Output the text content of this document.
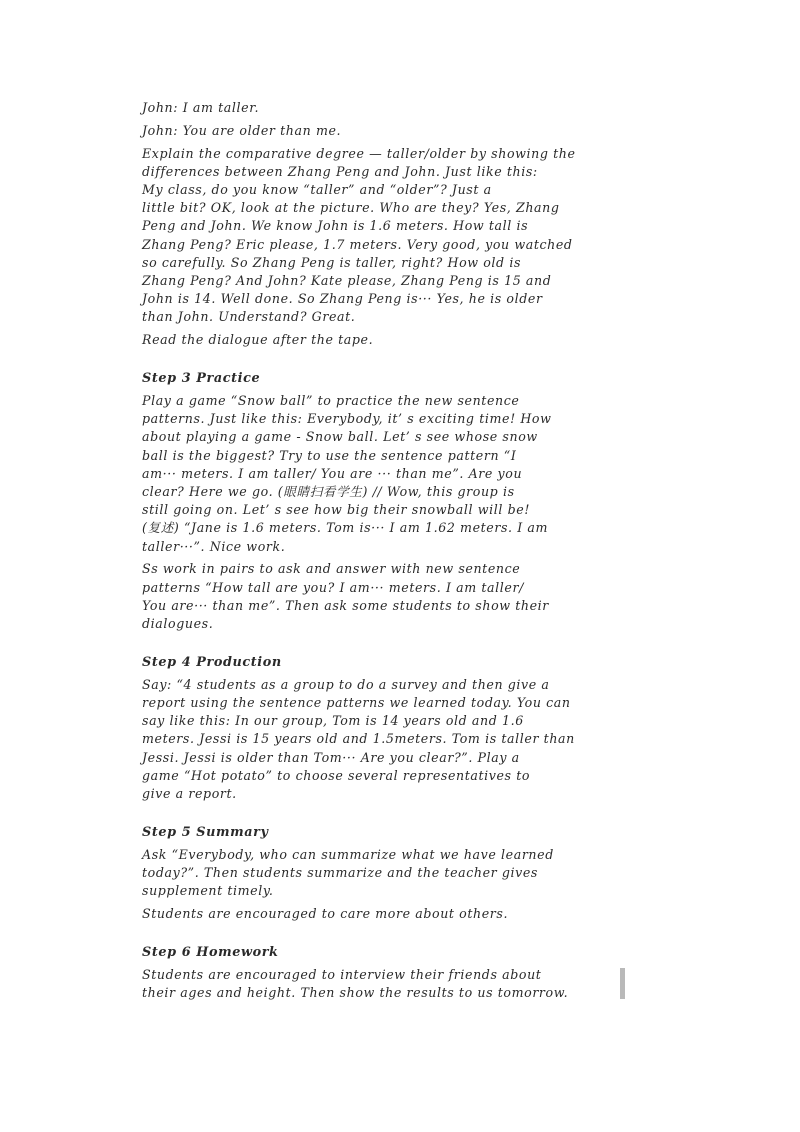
John: I am taller.

John: You are older than me.

Explain the comparative degree — taller/older by showing the
differences between Zhang Peng and John. Just like this:
My class, do you know “taller” and “older”? Just a
little bit? OK, look at the picture. Who are they? Yes, Zhang
Peng and John. We know John is 1.6 meters. How tall is
Zhang Peng? Eric please, 1.7 meters. Very good, you watched
so carefully. So Zhang Peng is taller, right? How old is
Zhang Peng? And John? Kate please, Zhang Peng is 15 and
John is 14. Well done. So Zhang Peng is··· Yes, he is older
than John. Understand? Great.

Read the dialogue after the tape.

Step 3 Practice

Play a game “Snow ball” to practice the new sentence
patterns. Just like this: Everybody, it’ s exciting time! How
about playing a game - Snow ball. Let’ s see whose snow
ball is the biggest? Try to use the sentence pattern “I
am··· meters. I am taller/ You are ··· than me”. Are you
clear? Here we go. (眼睛扫看学生) // Wow, this group is
still going on. Let’ s see how big their snowball will be!
(复述) “Jane is 1.6 meters. Tom is··· I am 1.62 meters. I am
taller···”. Nice work.

Ss work in pairs to ask and answer with new sentence
patterns “How tall are you? I am··· meters. I am taller/
You are··· than me”. Then ask some students to show their
dialogues.

Step 4 Production

Say: “4 students as a group to do a survey and then give a
report using the sentence patterns we learned today. You can
say like this: In our group, Tom is 14 years old and 1.6
meters. Jessi is 15 years old and 1.5meters. Tom is taller than
Jessi. Jessi is older than Tom··· Are you clear?”. Play a
game “Hot potato” to choose several representatives to
give a report.

Step 5 Summary

Ask “Everybody, who can summarize what we have learned
today?”. Then students summarize and the teacher gives
supplement timely.

Students are encouraged to care more about others.

Step 6 Homework

Students are encouraged to interview their friends about
their ages and height. Then show the results to us tomorrow.
